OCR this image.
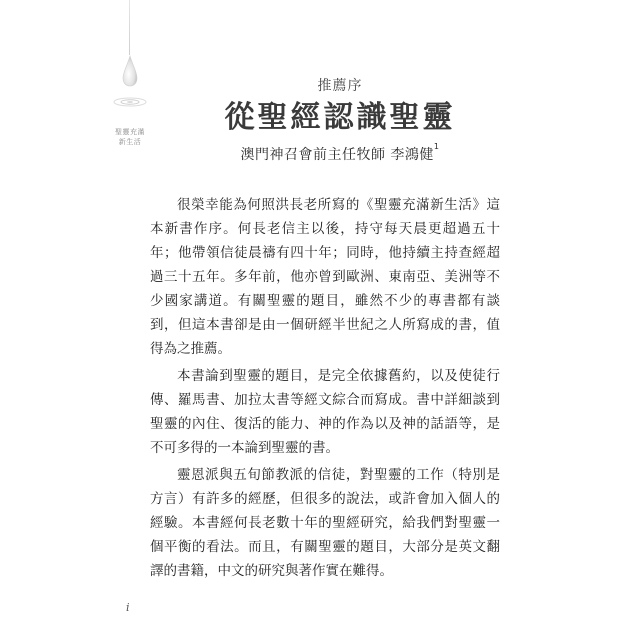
聖靈充滿
新生活
推薦序
從聖經認識聖靈
澳門神召會前主任牧師 李鴻健$^1$
很榮幸能為何照洪長老所寫的《聖靈充滿新生活》這
本新書作序。何長老信主以後，持守每天晨更超過五十
年；他帶領信徒晨禱有四十年；同時，他持續主持查經超
過三十五年。多年前，他亦曾到歐洲、東南亞、美洲等不
少國家講道。有關聖靈的題目，雖然不少的專書都有談
到，但這本書卻是由一個研經半世紀之人所寫成的書，值
得為之推薦。
本書論到聖靈的題目，是完全依據舊約，以及使徒行
傳、羅馬書、加拉太書等經文綜合而寫成。書中詳細談到
聖靈的內住、復活的能力、神的作為以及神的話語等，是
不可多得的一本論到聖靈的書。
靈恩派與五旬節教派的信徒，對聖靈的工作（特別是
方言）有許多的經歷，但很多的說法，或許會加入個人的
經驗。本書經何長老數十年的聖經研究，給我們對聖靈一
個平衡的看法。而且，有關聖靈的題目，大部分是英文翻
譯的書籍，中文的研究與著作實在難得。
i
